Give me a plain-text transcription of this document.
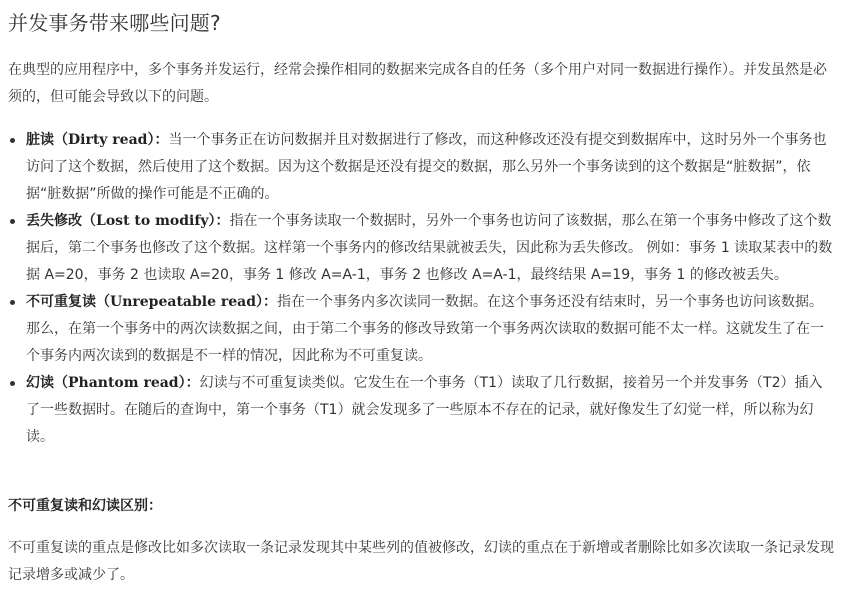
并发事务带来哪些问题?
在典型的应用程序中，多个事务并发运行，经常会操作相同的数据来完成各自的任务（多个用户对同一数据进行操作）。并发虽然是必须的，但可能会导致以下的问题。
脏读（Dirty read）：当一个事务正在访问数据并且对数据进行了修改，而这种修改还没有提交到数据库中，这时另外一个事务也访问了这个数据，然后使用了这个数据。因为这个数据是还没有提交的数据，那么另外一个事务读到的这个数据是“脏数据”，依据“脏数据”所做的操作可能是不正确的。
丢失修改（Lost to modify）：指在一个事务读取一个数据时，另外一个事务也访问了该数据，那么在第一个事务中修改了这个数据后，第二个事务也修改了这个数据。这样第一个事务内的修改结果就被丢失，因此称为丢失修改。 例如：事务 1 读取某表中的数据 A=20，事务 2 也读取 A=20，事务 1 修改 A=A-1，事务 2 也修改 A=A-1，最终结果 A=19，事务 1 的修改被丢失。
不可重复读（Unrepeatable read）：指在一个事务内多次读同一数据。在这个事务还没有结束时，另一个事务也访问该数据。那么，在第一个事务中的两次读数据之间，由于第二个事务的修改导致第一个事务两次读取的数据可能不太一样。这就发生了在一个事务内两次读到的数据是不一样的情况，因此称为不可重复读。
幻读（Phantom read）：幻读与不可重复读类似。它发生在一个事务（T1）读取了几行数据，接着另一个并发事务（T2）插入了一些数据时。在随后的查询中，第一个事务（T1）就会发现多了一些原本不存在的记录，就好像发生了幻觉一样，所以称为幻读。
不可重复读和幻读区别：
不可重复读的重点是修改比如多次读取一条记录发现其中某些列的值被修改，幻读的重点在于新增或者删除比如多次读取一条记录发现记录增多或减少了。
